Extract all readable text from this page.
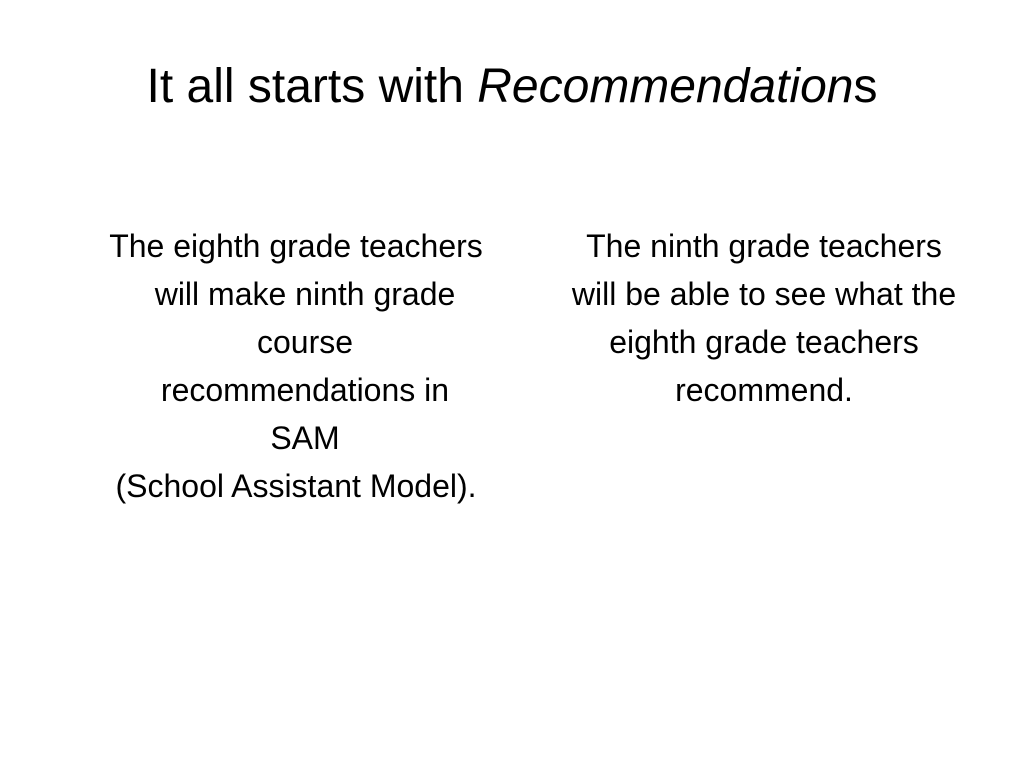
It all starts with Recommendations

The eighth grade teachers will make ninth grade course recommendations in SAM

(School Assistant Model).

The ninth grade teachers will be able to see what the eighth grade teachers recommend.
